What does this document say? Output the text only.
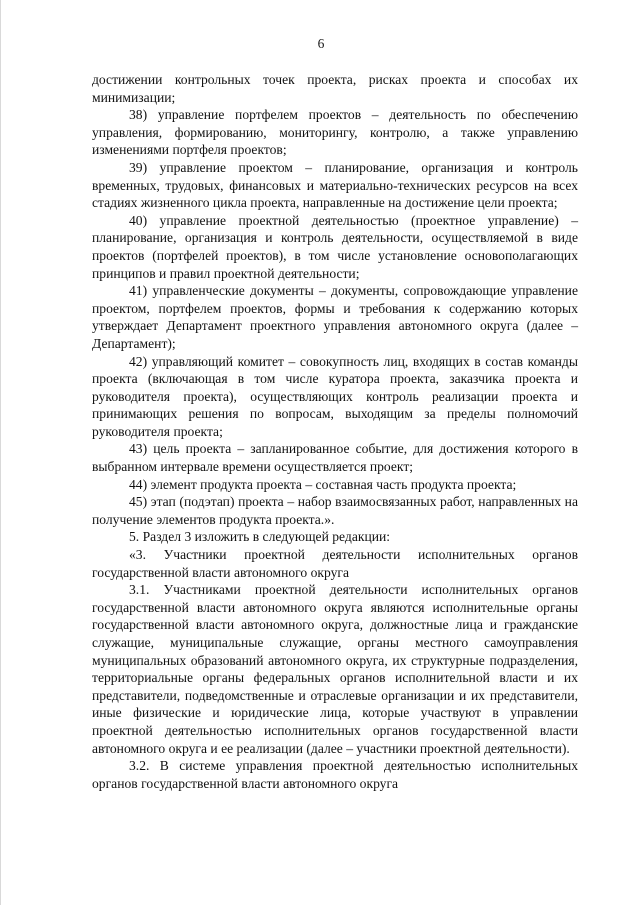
6

достижении контрольных точек проекта, рисках проекта и способах их минимизации;

38) управление портфелем проектов – деятельность по обеспечению управления, формированию, мониторингу, контролю, а также управлению изменениями портфеля проектов;

39) управление проектом – планирование, организация и контроль временных, трудовых, финансовых и материально-технических ресурсов на всех стадиях жизненного цикла проекта, направленные на достижение цели проекта;

40) управление проектной деятельностью (проектное управление) – планирование, организация и контроль деятельности, осуществляемой в виде проектов (портфелей проектов), в том числе установление основополагающих принципов и правил проектной деятельности;

41) управленческие документы – документы, сопровождающие управление проектом, портфелем проектов, формы и требования к содержанию которых утверждает Департамент проектного управления автономного округа (далее – Департамент);

42) управляющий комитет – совокупность лиц, входящих в состав команды проекта (включающая в том числе куратора проекта, заказчика проекта и руководителя проекта), осуществляющих контроль реализации проекта и принимающих решения по вопросам, выходящим за пределы полномочий руководителя проекта;

43) цель проекта – запланированное событие, для достижения которого в выбранном интервале времени осуществляется проект;

44) элемент продукта проекта – составная часть продукта проекта;

45) этап (подэтап) проекта – набор взаимосвязанных работ, направленных на получение элементов продукта проекта.».

5. Раздел 3 изложить в следующей редакции:

«3. Участники проектной деятельности исполнительных органов государственной власти автономного округа

3.1. Участниками проектной деятельности исполнительных органов государственной власти автономного округа являются исполнительные органы государственной власти автономного округа, должностные лица и гражданские служащие, муниципальные служащие, органы местного самоуправления муниципальных образований автономного округа, их структурные подразделения, территориальные органы федеральных органов исполнительной власти и их представители, подведомственные и отраслевые организации и их представители, иные физические и юридические лица, которые участвуют в управлении проектной деятельностью исполнительных органов государственной власти автономного округа и ее реализации (далее – участники проектной деятельности).

3.2. В системе управления проектной деятельностью исполнительных органов государственной власти автономного округа
